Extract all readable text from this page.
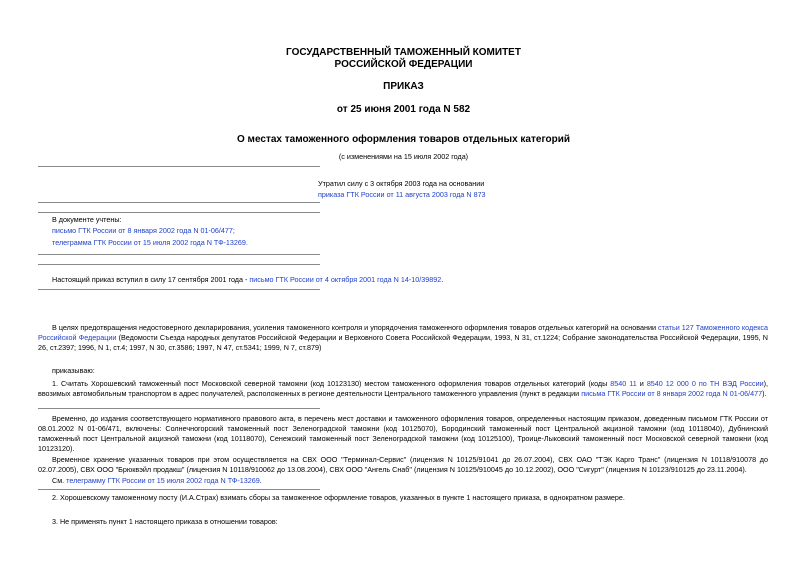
ГОСУДАРСТВЕННЫЙ ТАМОЖЕННЫЙ КОМИТЕТ
РОССИЙСКОЙ ФЕДЕРАЦИИ
ПРИКАЗ
от 25 июня 2001 года N 582
О местах таможенного оформления товаров отдельных категорий
(с изменениями на 15 июля 2002 года)
Утратил силу с 3 октября 2003 года на основании
приказа ГТК России от 11 августа 2003 года N 873
В документе учтены:
письмо ГТК России от 8 января 2002 года N 01-06/477;
телеграмма ГТК России от 15 июля 2002 года N ТФ-13269.
Настоящий приказ вступил в силу 17 сентября 2001 года - письмо ГТК России от 4 октября 2001 года N 14-10/39892.
В целях предотвращения недостоверного декларирования, усиления таможенного контроля и упорядочения таможенного оформления товаров отдельных категорий на основании статьи 127 Таможенного кодекса Российской Федерации (Ведомости Съезда народных депутатов Российской Федерации и Верховного Совета Российской Федерации, 1993, N 31, ст.1224; Собрание законодательства Российской Федерации, 1995, N 26, ст.2397; 1996, N 1, ст.4; 1997, N 30, ст.3586; 1997, N 47, ст.5341; 1999, N 7, ст.879)
приказываю:
1. Считать Хорошевский таможенный пост Московской северной таможни (код 10123130) местом таможенного оформления товаров отдельных категорий (коды 8540 11 и 8540 12 000 0 по ТН ВЭД России), ввозимых автомобильным транспортом в адрес получателей, расположенных в регионе деятельности Центрального таможенного управления (пункт в редакции письма ГТК России от 8 января 2002 года N 01-06/477).
Временно, до издания соответствующего нормативного правового акта, в перечень мест доставки и таможенного оформления товаров, определенных настоящим приказом, доведенным письмом ГТК России от 08.01.2002 N 01-06/471, включены: Солнечногорский таможенный пост Зеленоградской таможни (код 10125070), Бородинский таможенный пост Центральной акцизной таможни (код 10118040), Дубнинский таможенный пост Центральной акцизной таможни (код 10118070), Сенежский таможенный пост Зеленоградской таможни (код 10125100), Троице-Лыковский таможенный пост Московской северной таможни (код 10123120).
Временное хранение указанных товаров при этом осуществляется на СВХ ООО "Терминал-Сервис" (лицензия N 10125/91041 до 26.07.2004), СВХ ОАО "ТЭК Карго Транс" (лицензия N 10118/910078 до 02.07.2005), СВХ ООО "Брюквэйл продакш" (лицензия N 10118/910062 до 13.08.2004), СВХ ООО "Ангель Снаб" (лицензия N 10125/910045 до 10.12.2002), ООО "Сигурт" (лицензия N 10123/910125 до 23.11.2004).
См. телеграмму ГТК России от 15 июля 2002 года N ТФ-13269.
2. Хорошевскому таможенному посту (И.А.Страх) взимать сборы за таможенное оформление товаров, указанных в пункте 1 настоящего приказа, в однократном размере.
3. Не применять пункт 1 настоящего приказа в отношении товаров:
